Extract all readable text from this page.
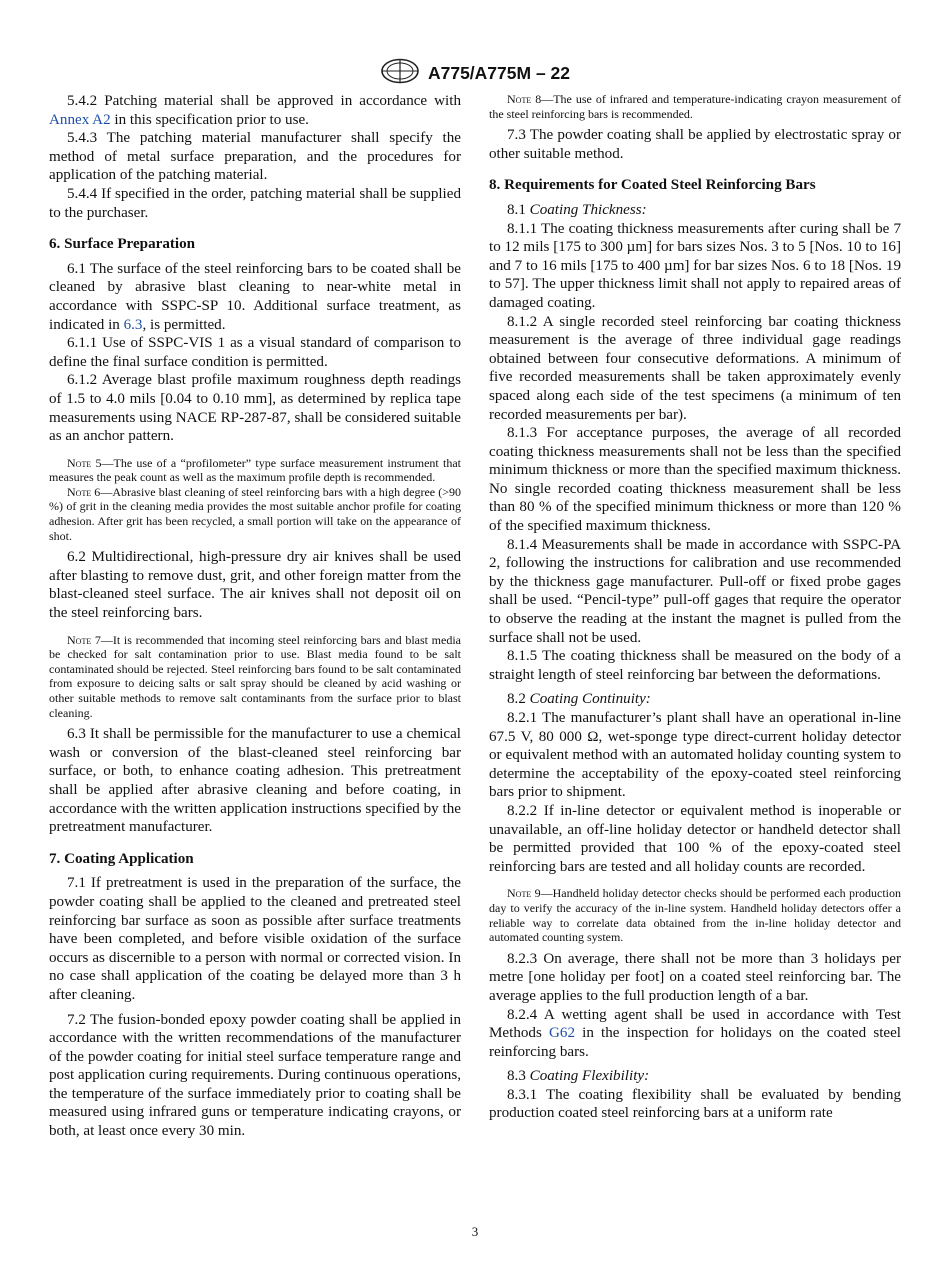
A775/A775M – 22

5.4.2 Patching material shall be approved in accordance with Annex A2 in this specification prior to use.

5.4.3 The patching material manufacturer shall specify the method of metal surface preparation, and the procedures for application of the patching material.

5.4.4 If specified in the order, patching material shall be supplied to the purchaser.

6. Surface Preparation

6.1 The surface of the steel reinforcing bars to be coated shall be cleaned by abrasive blast cleaning to near-white metal in accordance with SSPC-SP 10. Additional surface treatment, as indicated in 6.3, is permitted.

6.1.1 Use of SSPC-VIS 1 as a visual standard of comparison to define the final surface condition is permitted.

6.1.2 Average blast profile maximum roughness depth readings of 1.5 to 4.0 mils [0.04 to 0.10 mm], as determined by replica tape measurements using NACE RP-287-87, shall be considered suitable as an anchor pattern.

Note 5—The use of a “profilometer” type surface measurement instrument that measures the peak count as well as the maximum profile depth is recommended.
Note 6—Abrasive blast cleaning of steel reinforcing bars with a high degree (>90 %) of grit in the cleaning media provides the most suitable anchor profile for coating adhesion. After grit has been recycled, a small portion will take on the appearance of shot.

6.2 Multidirectional, high-pressure dry air knives shall be used after blasting to remove dust, grit, and other foreign matter from the blast-cleaned steel surface. The air knives shall not deposit oil on the steel reinforcing bars.

Note 7—It is recommended that incoming steel reinforcing bars and blast media be checked for salt contamination prior to use. Blast media found to be salt contaminated should be rejected. Steel reinforcing bars found to be salt contaminated from exposure to deicing salts or salt spray should be cleaned by acid washing or other suitable methods to remove salt contaminants from the surface prior to blast cleaning.

6.3 It shall be permissible for the manufacturer to use a chemical wash or conversion of the blast-cleaned steel reinforcing bar surface, or both, to enhance coating adhesion. This pretreatment shall be applied after abrasive cleaning and before coating, in accordance with the written application instructions specified by the pretreatment manufacturer.

7. Coating Application

7.1 If pretreatment is used in the preparation of the surface, the powder coating shall be applied to the cleaned and pretreated steel reinforcing bar surface as soon as possible after surface treatments have been completed, and before visible oxidation of the surface occurs as discernible to a person with normal or corrected vision. In no case shall application of the coating be delayed more than 3 h after cleaning.

7.2 The fusion-bonded epoxy powder coating shall be applied in accordance with the written recommendations of the manufacturer of the powder coating for initial steel surface temperature range and post application curing requirements. During continuous operations, the temperature of the surface immediately prior to coating shall be measured using infrared guns or temperature indicating crayons, or both, at least once every 30 min.

Note 8—The use of infrared and temperature-indicating crayon measurement of the steel reinforcing bars is recommended.

7.3 The powder coating shall be applied by electrostatic spray or other suitable method.

8. Requirements for Coated Steel Reinforcing Bars

8.1 Coating Thickness:

8.1.1 The coating thickness measurements after curing shall be 7 to 12 mils [175 to 300 µm] for bars sizes Nos. 3 to 5 [Nos. 10 to 16] and 7 to 16 mils [175 to 400 µm] for bar sizes Nos. 6 to 18 [Nos. 19 to 57]. The upper thickness limit shall not apply to repaired areas of damaged coating.

8.1.2 A single recorded steel reinforcing bar coating thickness measurement is the average of three individual gage readings obtained between four consecutive deformations. A minimum of five recorded measurements shall be taken approximately evenly spaced along each side of the test specimens (a minimum of ten recorded measurements per bar).

8.1.3 For acceptance purposes, the average of all recorded coating thickness measurements shall not be less than the specified minimum thickness or more than the specified maximum thickness. No single recorded coating thickness measurement shall be less than 80 % of the specified minimum thickness or more than 120 % of the specified maximum thickness.

8.1.4 Measurements shall be made in accordance with SSPC-PA 2, following the instructions for calibration and use recommended by the thickness gage manufacturer. Pull-off or fixed probe gages shall be used. “Pencil-type” pull-off gages that require the operator to observe the reading at the instant the magnet is pulled from the surface shall not be used.

8.1.5 The coating thickness shall be measured on the body of a straight length of steel reinforcing bar between the deformations.

8.2 Coating Continuity:

8.2.1 The manufacturer’s plant shall have an operational in-line 67.5 V, 80 000 Ω, wet-sponge type direct-current holiday detector or equivalent method with an automated holiday counting system to determine the acceptability of the epoxy-coated steel reinforcing bars prior to shipment.

8.2.2 If in-line detector or equivalent method is inoperable or unavailable, an off-line holiday detector or handheld detector shall be permitted provided that 100 % of the epoxy-coated steel reinforcing bars are tested and all holiday counts are recorded.

Note 9—Handheld holiday detector checks should be performed each production day to verify the accuracy of the in-line system. Handheld holiday detectors offer a reliable way to correlate data obtained from the in-line holiday detector and automated counting system.

8.2.3 On average, there shall not be more than 3 holidays per metre [one holiday per foot] on a coated steel reinforcing bar. The average applies to the full production length of a bar.

8.2.4 A wetting agent shall be used in accordance with Test Methods G62 in the inspection for holidays on the coated steel reinforcing bars.

8.3 Coating Flexibility:

8.3.1 The coating flexibility shall be evaluated by bending production coated steel reinforcing bars at a uniform rate

3
